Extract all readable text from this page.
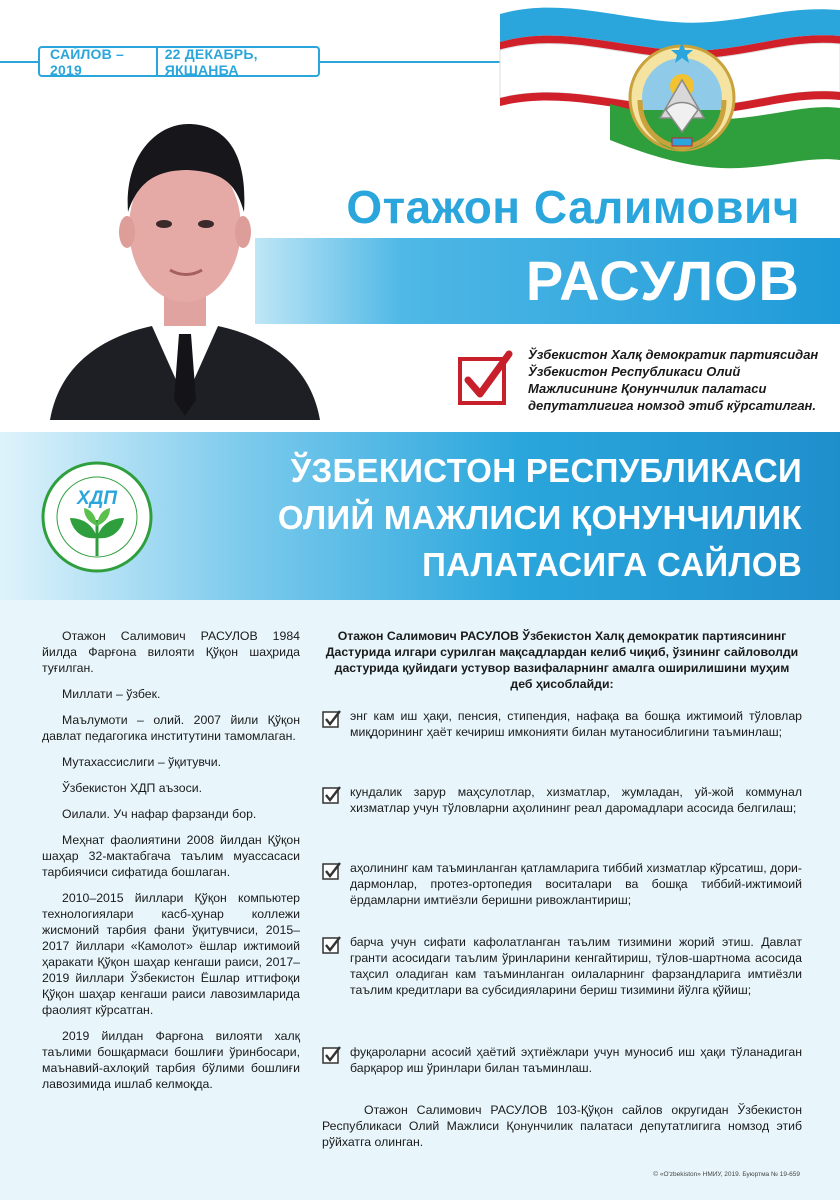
САЙЛОВ – 2019
22 ДЕКАБРЬ, ЯКШАНБА
Отажон Салимович
РАСУЛОВ
Ўзбекистон Халқ демократик партиясидан Ўзбекистон Республикаси Олий Мажлисининг Қонунчилик палатаси депутатлигига номзод этиб кўрсатилган.
ЎЗБЕКИСТОН РЕСПУБЛИКАСИ
ОЛИЙ МАЖЛИСИ ҚОНУНЧИЛИК
ПАЛАТАСИГА САЙЛОВ
ХДП

Отажон Салимович РАСУЛОВ 1984 йилда Фарғона вилояти Қўқон шаҳрида туғилган.

Миллати – ўзбек.

Маълумоти – олий. 2007 йили Қўқон давлат педагогика институтини тамомлаган.

Мутахассислиги – ўқитувчи.

Ўзбекистон ХДП аъзоси.

Оилали. Уч нафар фарзанди бор.

Меҳнат фаолиятини 2008 йилдан Қўқон шаҳар 32-мактабгача таълим муассасаси тарбиячиси сифатида бошлаган.

2010–2015 йиллари Қўқон компьютер технологиялари касб-ҳунар коллежи жисмоний тарбия фани ўқитувчиси, 2015–2017 йиллари «Камолот» ёшлар ижтимоий ҳаракати Қўқон шаҳар кенгаши раиси, 2017–2019 йиллари Ўзбекистон Ёшлар иттифоқи Қўқон шаҳар кенгаши раиси лавозимларида фаолият кўрсатган.

2019 йилдан Фарғона вилояти халқ таълими бошқармаси бошлиғи ўринбосари, маънавий-ахлоқий тарбия бўлими бошлиғи лавозимида ишлаб келмоқда.

Отажон Салимович РАСУЛОВ Ўзбекистон Халқ демократик партиясининг Дастурида илгари сурилган мақсадлардан келиб чиқиб, ўзининг сайловолди дастурида қуйидаги устувор вазифаларнинг амалга оширилишини муҳим деб ҳисоблайди:
энг кам иш ҳақи, пенсия, стипендия, нафақа ва бошқа ижтимоий тўловлар миқдорининг ҳаёт кечириш имконияти билан мутаносиблигини таъминлаш;
кундалик зарур маҳсулотлар, хизматлар, жумладан, уй-жой коммунал хизматлар учун тўловларни аҳолининг реал даромадлари асосида белгилаш;
аҳолининг кам таъминланган қатламларига тиббий хизматлар кўрсатиш, дори-дармонлар, протез-ортопедия воситалари ва бошқа тиббий-ижтимоий ёрдамларни имтиёзли беришни ривожлантириш;
барча учун сифати кафолатланган таълим тизимини жорий этиш. Давлат гранти асосидаги таълим ўринларини кенгайтириш, тўлов-шартнома асосида таҳсил оладиган кам таъминланган оилаларнинг фарзандларига имтиёзли таълим кредитлари ва субсидияларини бериш тизимини йўлга қўйиш;
фуқароларни асосий ҳаётий эҳтиёжлари учун муносиб иш ҳақи тўланадиган барқарор иш ўринлари билан таъминлаш.
Отажон Салимович РАСУЛОВ 103-Қўқон сайлов округидан Ўзбекистон Республикаси Олий Мажлиси Қонунчилик палатаси депутатлигига номзод этиб рўйхатга олинган.
© «O'zbekiston» НМИУ, 2019. Буюртма № 19-659
